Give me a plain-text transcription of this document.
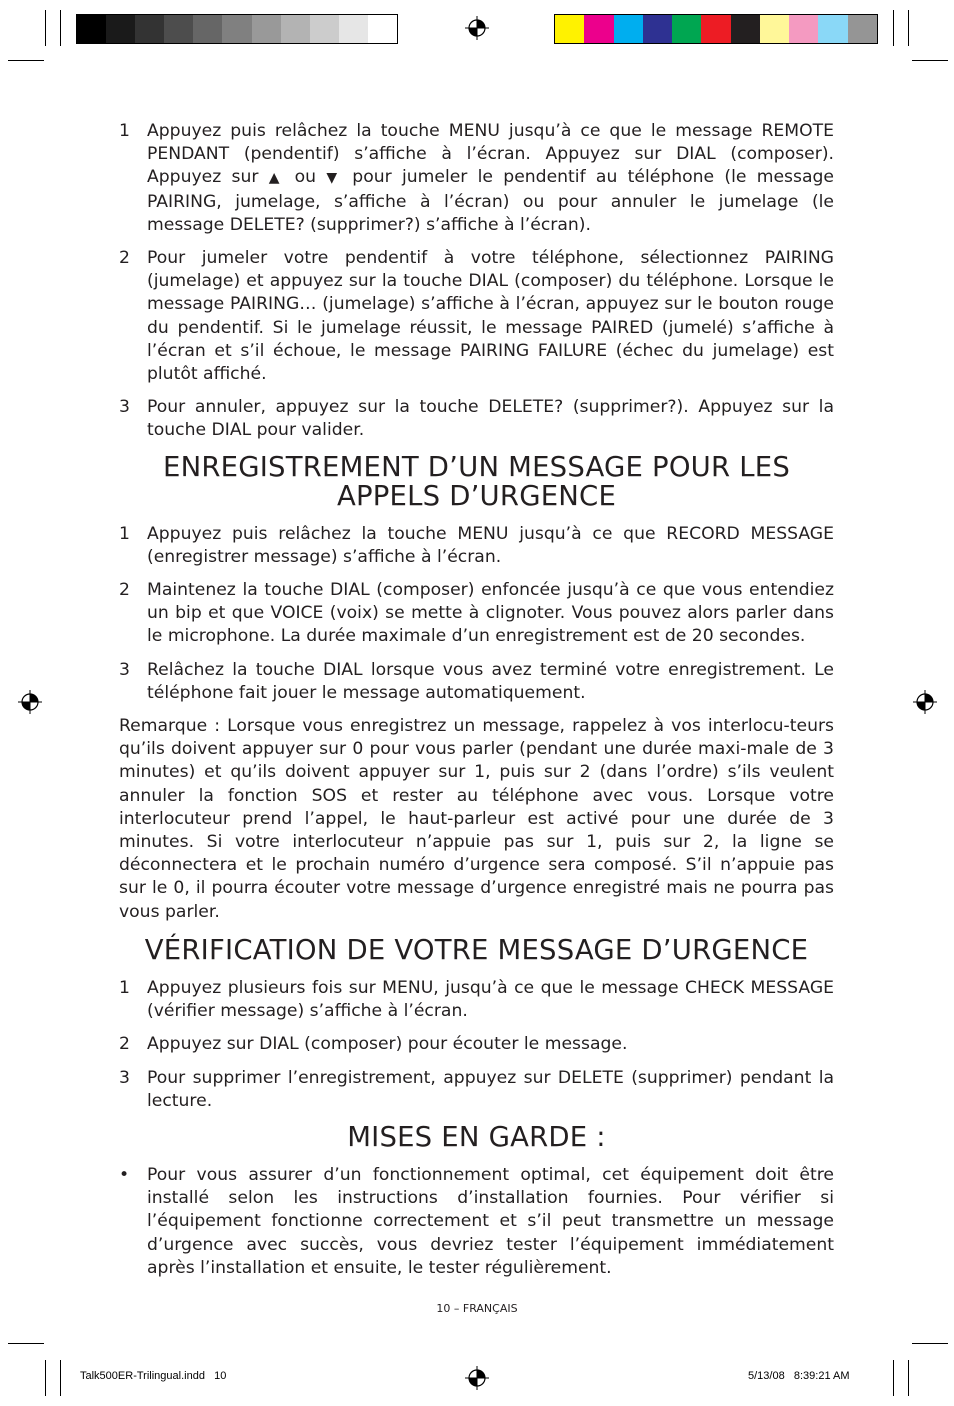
1 Appuyez puis relâchez la touche MENU jusqu’à ce que le message REMOTE PENDANT (pendentif) s’affiche à l’écran. Appuyez sur DIAL (composer). Appuyez sur ▲ ou ▼ pour jumeler le pendentif au téléphone (le message PAIRING, jumelage, s’affiche à l’écran) ou pour annuler le jumelage (le message DELETE? (supprimer?) s’affiche à l’écran).
2 Pour jumeler votre pendentif à votre téléphone, sélectionnez PAIRING (jumelage) et appuyez sur la touche DIAL (composer) du téléphone. Lorsque le message PAIRING… (jumelage) s’affiche à l’écran, appuyez sur le bouton rouge du pendentif. Si le jumelage réussit, le message PAIRED (jumelé) s’affiche à l’écran et s’il échoue, le message PAIRING FAILURE (échec du jumelage) est plutôt affiché.
3 Pour annuler, appuyez sur la touche DELETE? (supprimer?). Appuyez sur la touche DIAL pour valider.
ENREGISTREMENT D’UN MESSAGE POUR LES APPELS D’URGENCE
1 Appuyez puis relâchez la touche MENU jusqu’à ce que RECORD MESSAGE (enregistrer message) s’affiche à l’écran.
2 Maintenez la touche DIAL (composer) enfoncée jusqu’à ce que vous entendiez un bip et que VOICE (voix) se mette à clignoter. Vous pouvez alors parler dans le microphone. La durée maximale d’un enregistrement est de 20 secondes.
3 Relâchez la touche DIAL lorsque vous avez terminé votre enregistrement. Le téléphone fait jouer le message automatiquement.

Remarque : Lorsque vous enregistrez un message, rappelez à vos interlocu-teurs qu’ils doivent appuyer sur 0 pour vous parler (pendant une durée maxi-male de 3 minutes) et qu’ils doivent appuyer sur 1, puis sur 2 (dans l’ordre) s’ils veulent annuler la fonction SOS et rester au téléphone avec vous. Lorsque votre interlocuteur prend l’appel, le haut-parleur est activé pour une durée de 3 minutes. Si votre interlocuteur n’appuie pas sur 1, puis sur 2, la ligne se déconnectera et le prochain numéro d’urgence sera composé. S’il n’appuie pas sur le 0, il pourra écouter votre message d’urgence enregistré mais ne pourra pas vous parler.

VÉRIFICATION DE VOTRE MESSAGE D’URGENCE
1 Appuyez plusieurs fois sur MENU, jusqu’à ce que le message CHECK MESSAGE (vérifier message) s’affiche à l’écran.
2 Appuyez sur DIAL (composer) pour écouter le message.
3 Pour supprimer l’enregistrement, appuyez sur DELETE (supprimer) pendant la lecture.
MISES EN GARDE :
• Pour vous assurer d’un fonctionnement optimal, cet équipement doit être installé selon les instructions d’installation fournies. Pour vérifier si l’équipement fonctionne correctement et s’il peut transmettre un message d’urgence avec succès, vous devriez tester l’équipement immédiatement après l’installation et ensuite, le tester régulièrement.
10 – FRANÇAIS
Talk500ER-Trilingual.indd   10	5/13/08   8:39:21 AM
